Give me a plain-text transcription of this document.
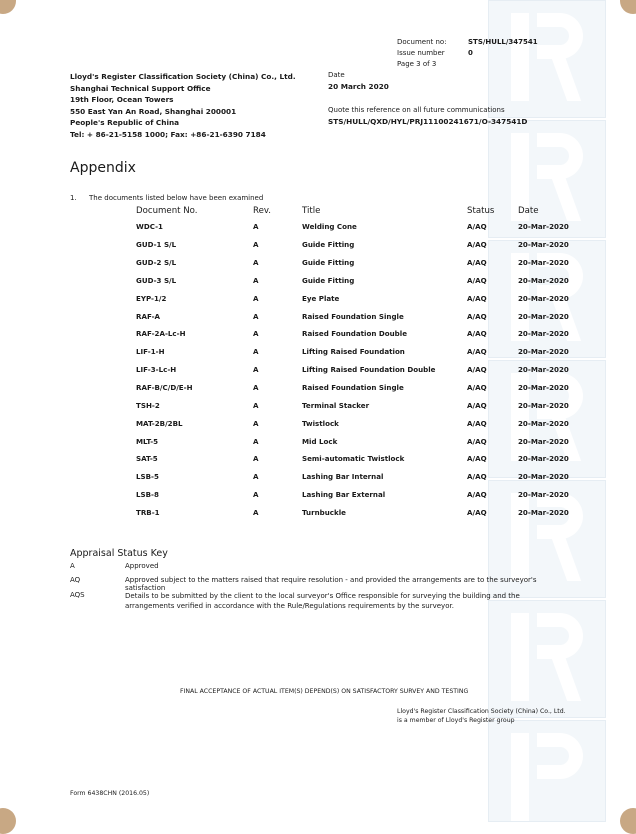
Document no:	STS/HULL/347541
Issue number	0
Page 3 of 3
Lloyd's Register Classification Society (China) Co., Ltd.
Shanghai Technical Support Office
19th Floor, Ocean Towers
550 East Yan An Road, Shanghai 200001
People's Republic of China
Tel: + 86-21-5158 1000; Fax: +86-21-6390 7184
Date
20 March 2020
Quote this reference on all future communications
STS/HULL/QXD/HYL/PRJ11100241671/O-347541D
Appendix
1. The documents listed below have been examined
Document No.	Rev.	Title	Status	Date
WDC-1	A	Welding Cone	A/AQ	20-Mar-2020
GUD-1 S/L	A	Guide Fitting	A/AQ	20-Mar-2020
GUD-2 S/L	A	Guide Fitting	A/AQ	20-Mar-2020
GUD-3 S/L	A	Guide Fitting	A/AQ	20-Mar-2020
EYP-1/2	A	Eye Plate	A/AQ	20-Mar-2020
RAF-A	A	Raised Foundation Single	A/AQ	20-Mar-2020
RAF-2A-Lc-H	A	Raised Foundation Double	A/AQ	20-Mar-2020
LIF-1-H	A	Lifting Raised Foundation	A/AQ	20-Mar-2020
LIF-3-Lc-H	A	Lifting Raised Foundation Double	A/AQ	20-Mar-2020
RAF-B/C/D/E-H	A	Raised Foundation Single	A/AQ	20-Mar-2020
TSH-2	A	Terminal Stacker	A/AQ	20-Mar-2020
MAT-2B/2BL	A	Twistlock	A/AQ	20-Mar-2020
MLT-5	A	Mid Lock	A/AQ	20-Mar-2020
SAT-5	A	Semi-automatic Twistlock	A/AQ	20-Mar-2020
LSB-5	A	Lashing Bar Internal	A/AQ	20-Mar-2020
LSB-8	A	Lashing Bar External	A/AQ	20-Mar-2020
TRB-1	A	Turnbuckle	A/AQ	20-Mar-2020
Appraisal Status Key
A	Approved
AQ	Approved subject to the matters raised that require resolution - and provided the arrangements are to the surveyor's satisfaction
AQS	Details to be submitted by the client to the local surveyor's Office responsible for surveying the building and the arrangements verified in accordance with the Rule/Regulations requirements by the surveyor.
FINAL ACCEPTANCE OF ACTUAL ITEM(S) DEPEND(S) ON SATISFACTORY SURVEY AND TESTING
Lloyd's Register Classification Society (China) Co., Ltd.
is a member of Lloyd's Register group
Form 6438CHN (2016.05)
